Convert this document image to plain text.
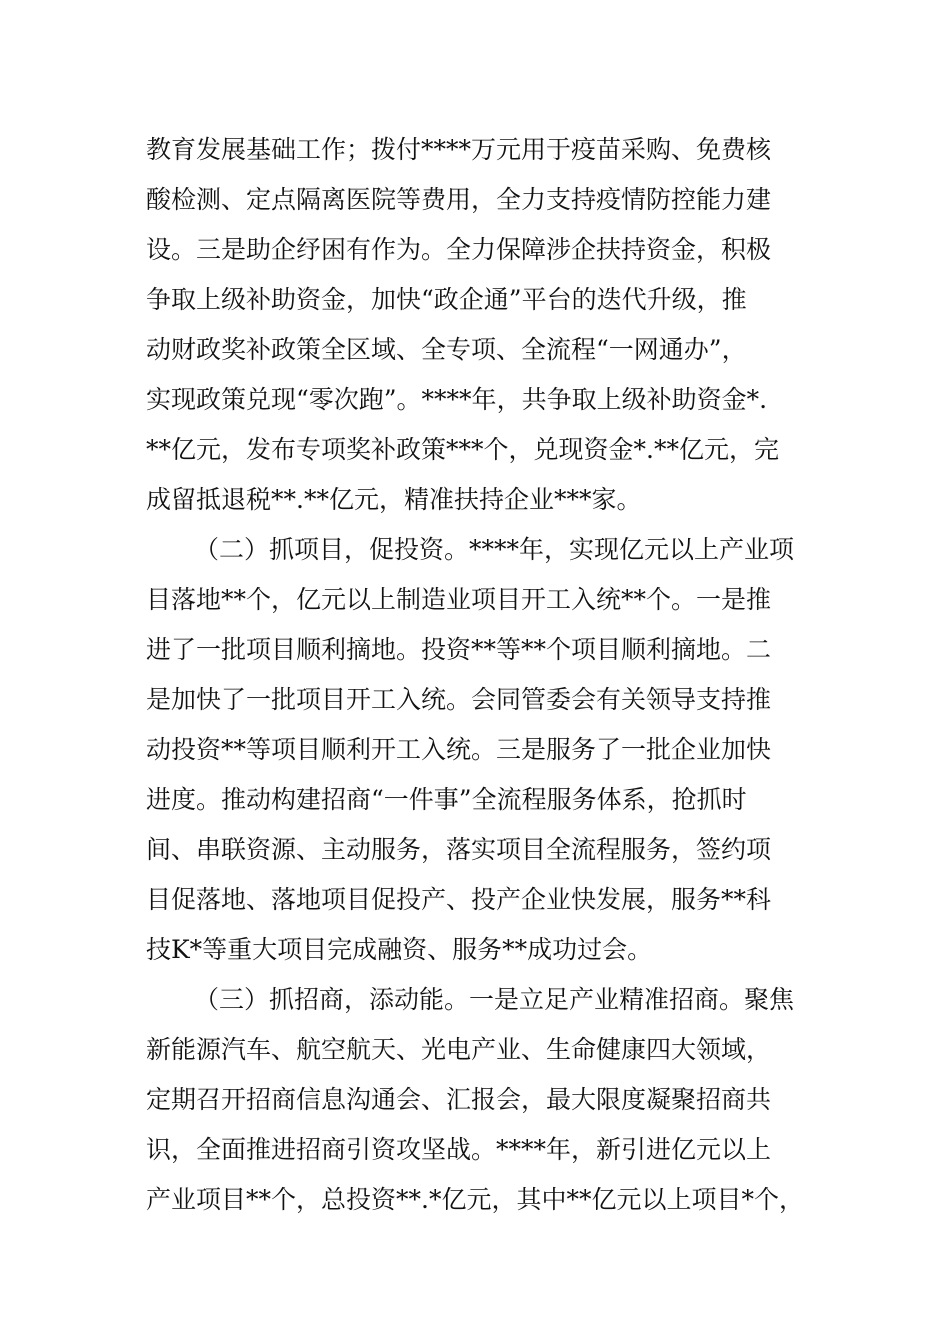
教育发展基础工作；拨付****万元用于疫苗采购、免费核
酸检测、定点隔离医院等费用，全力支持疫情防控能力建
设。三是助企纾困有作为。全力保障涉企扶持资金，积极
争取上级补助资金，加快“政企通”平台的迭代升级，推
动财政奖补政策全区域、全专项、全流程“一网通办”，
实现政策兑现“零次跑”。****年，共争取上级补助资金*.
**亿元，发布专项奖补政策***个，兑现资金*.**亿元，完
成留抵退税**.**亿元，精准扶持企业***家。
（二）抓项目，促投资。****年，实现亿元以上产业项
目落地**个，亿元以上制造业项目开工入统**个。一是推
进了一批项目顺利摘地。投资**等**个项目顺利摘地。二
是加快了一批项目开工入统。会同管委会有关领导支持推
动投资**等项目顺利开工入统。三是服务了一批企业加快
进度。推动构建招商“一件事”全流程服务体系，抢抓时
间、串联资源、主动服务，落实项目全流程服务，签约项
目促落地、落地项目促投产、投产企业快发展，服务**科
技K*等重大项目完成融资、服务**成功过会。
（三）抓招商，添动能。一是立足产业精准招商。聚焦
新能源汽车、航空航天、光电产业、生命健康四大领域，
定期召开招商信息沟通会、汇报会，最大限度凝聚招商共
识，全面推进招商引资攻坚战。****年，新引进亿元以上
产业项目**个，总投资**.*亿元，其中**亿元以上项目*个，
